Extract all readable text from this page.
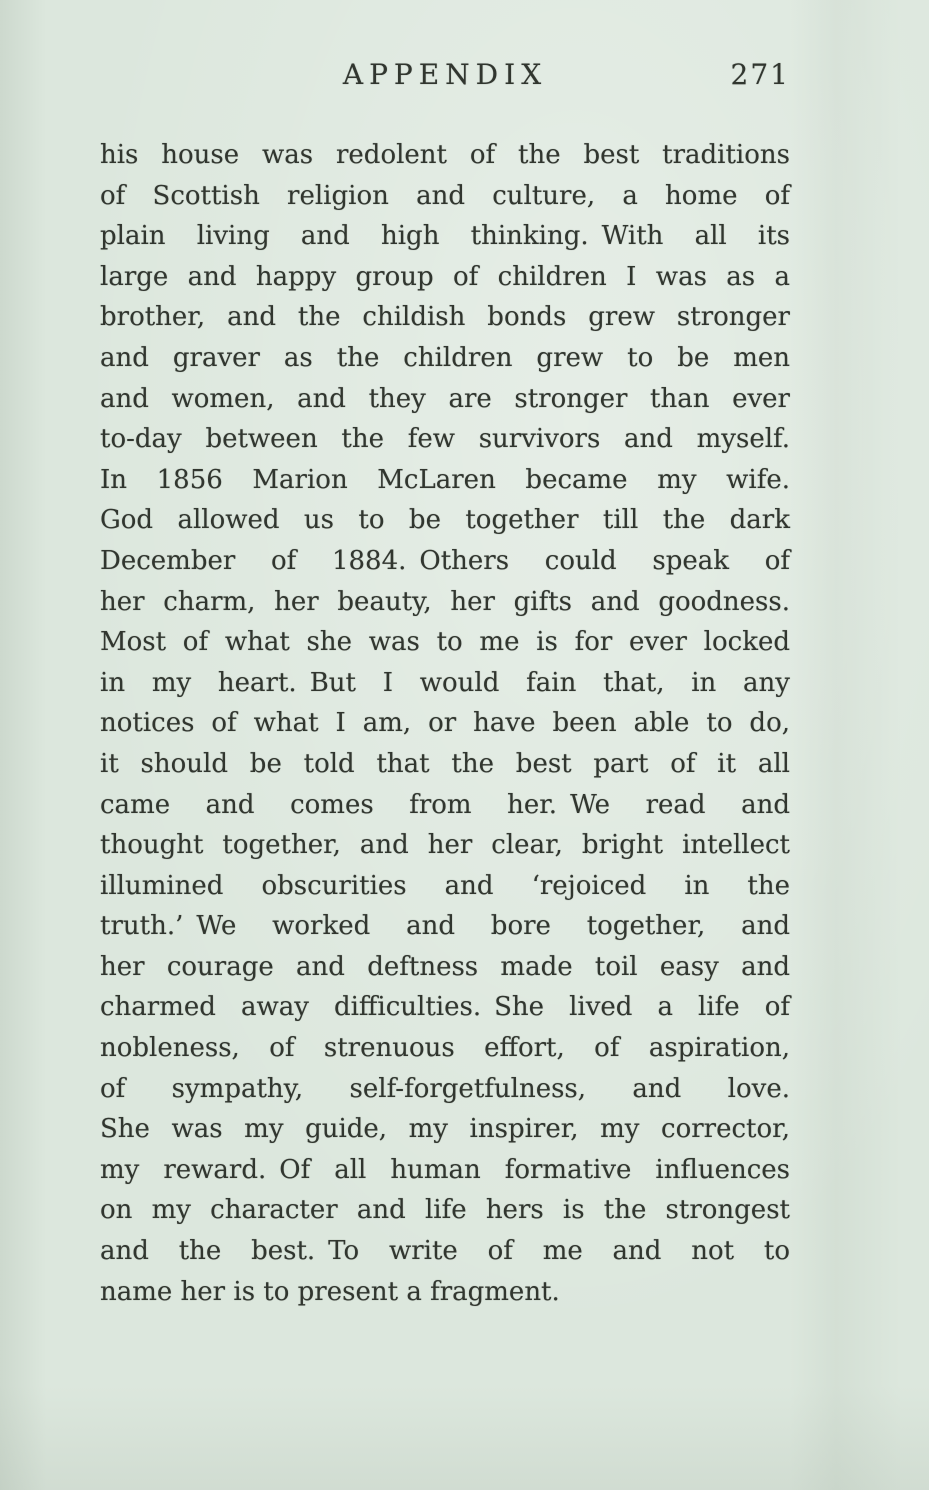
APPENDIX	271
his house was redolent of the best traditions
of Scottish religion and culture, a home of
plain living and high thinking. With all its
large and happy group of children I was as a
brother, and the childish bonds grew stronger
and graver as the children grew to be men
and women, and they are stronger than ever
to-day between the few survivors and myself.
In 1856 Marion McLaren became my wife.
God allowed us to be together till the dark
December of 1884. Others could speak of
her charm, her beauty, her gifts and goodness.
Most of what she was to me is for ever locked
in my heart. But I would fain that, in any
notices of what I am, or have been able to do,
it should be told that the best part of it all
came and comes from her. We read and
thought together, and her clear, bright intellect
illumined obscurities and ‘rejoiced in the
truth.’ We worked and bore together, and
her courage and deftness made toil easy and
charmed away difficulties. She lived a life of
nobleness, of strenuous effort, of aspiration,
of sympathy, self-forgetfulness, and love.
She was my guide, my inspirer, my corrector,
my reward. Of all human formative influences
on my character and life hers is the strongest
and the best. To write of me and not to
name her is to present a fragment.
